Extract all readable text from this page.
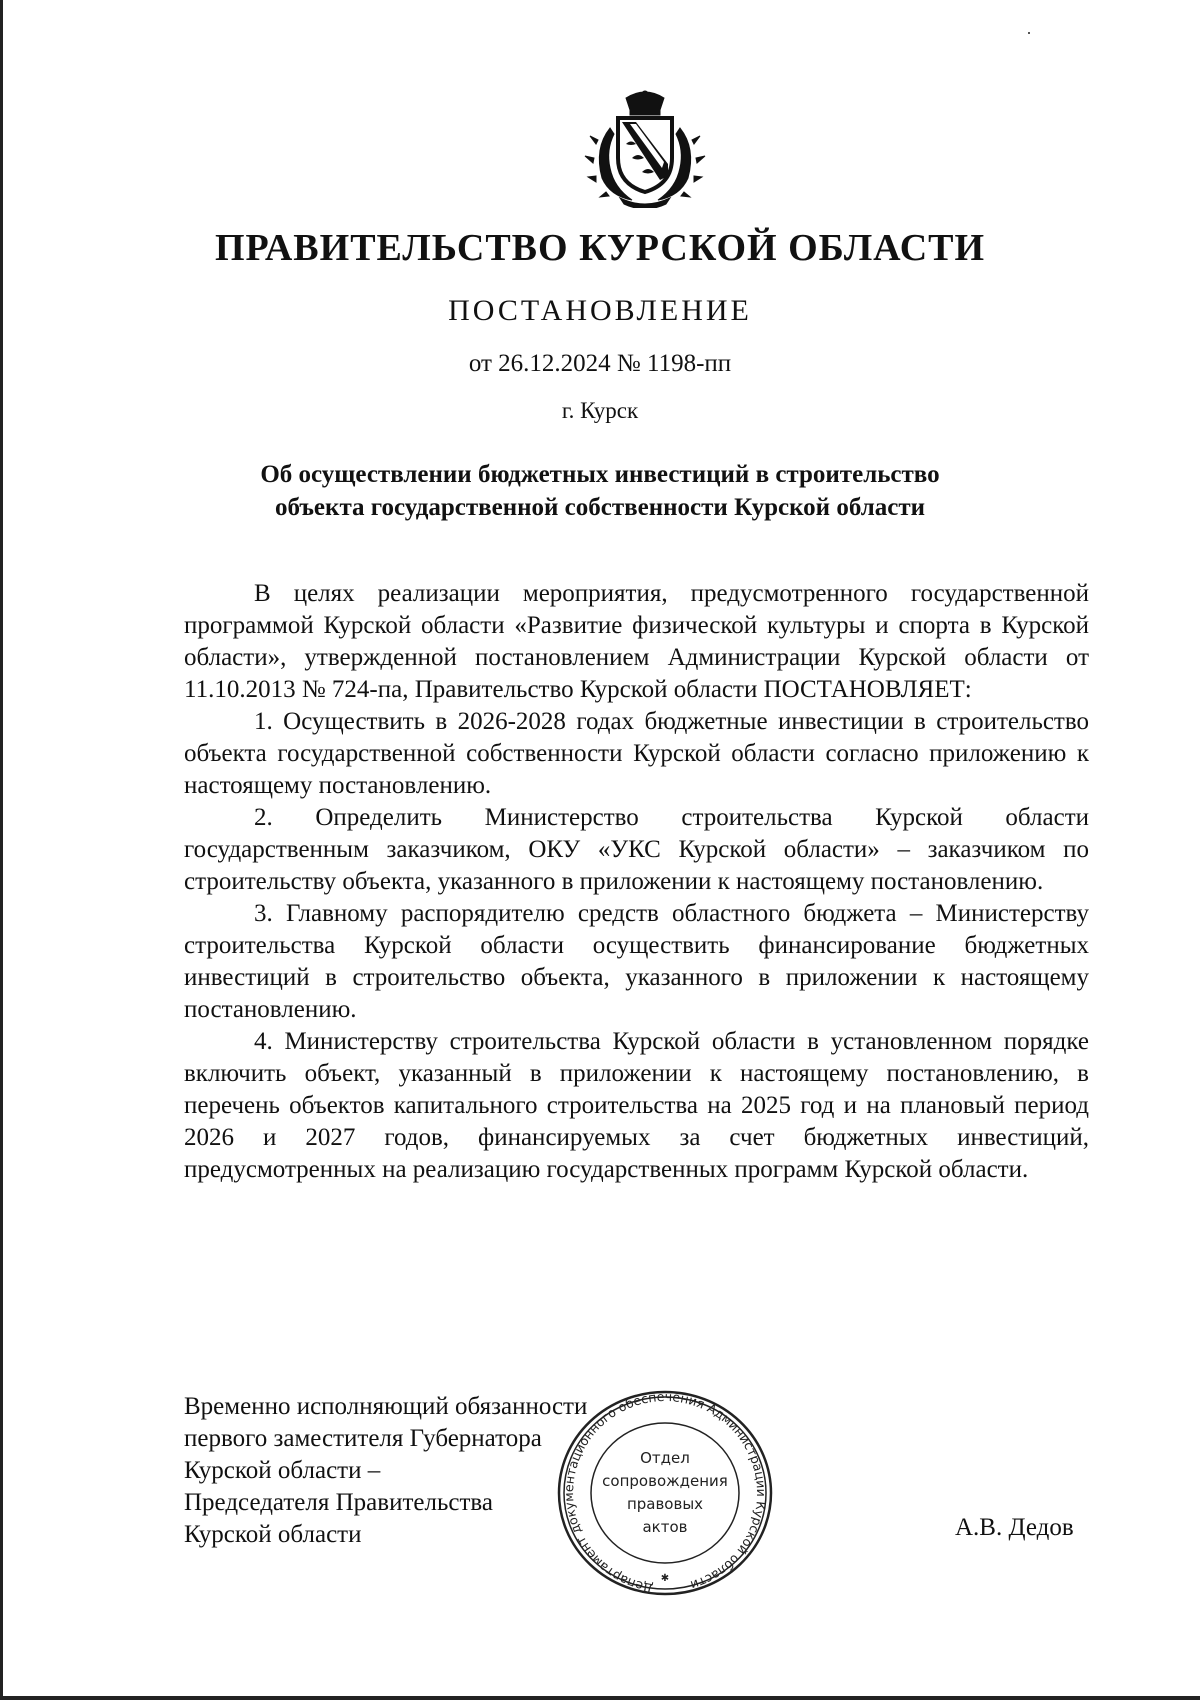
ПРАВИТЕЛЬСТВО КУРСКОЙ ОБЛАСТИ
ПОСТАНОВЛЕНИЕ
от 26.12.2024 № 1198-пп
г. Курск
Об осуществлении бюджетных инвестиций в строительство
объекта государственной собственности Курской области

В целях реализации мероприятия, предусмотренного государственной программой Курской области «Развитие физической культуры и спорта в Курской области», утвержденной постановлением Администрации Курской области от 11.10.2013 № 724-па, Правительство Курской области ПОСТАНОВЛЯЕТ:

1. Осуществить в 2026-2028 годах бюджетные инвестиции в строительство объекта государственной собственности Курской области согласно приложению к настоящему постановлению.

2. Определить Министерство строительства Курской области государственным заказчиком, ОКУ «УКС Курской области» – заказчиком по строительству объекта, указанного в приложении к настоящему постановлению.

3. Главному распорядителю средств областного бюджета – Министерству строительства Курской области осуществить финансирование бюджетных инвестиций в строительство объекта, указанного в приложении к настоящему постановлению.

4. Министерству строительства Курской области в установленном порядке включить объект, указанный в приложении к настоящему постановлению, в перечень объектов капитального строительства на 2025 год и на плановый период 2026 и 2027 годов, финансируемых за счет бюджетных инвестиций, предусмотренных на реализацию государственных программ Курской области.

Временно исполняющий обязанности
первого заместителя Губернатора
Курской области –
Председателя Правительства
Курской области	А.В. Дедов
Департамент документационного обеспечения Администрации Курской области
Отдел
сопровождения
правовых
актов
✱
